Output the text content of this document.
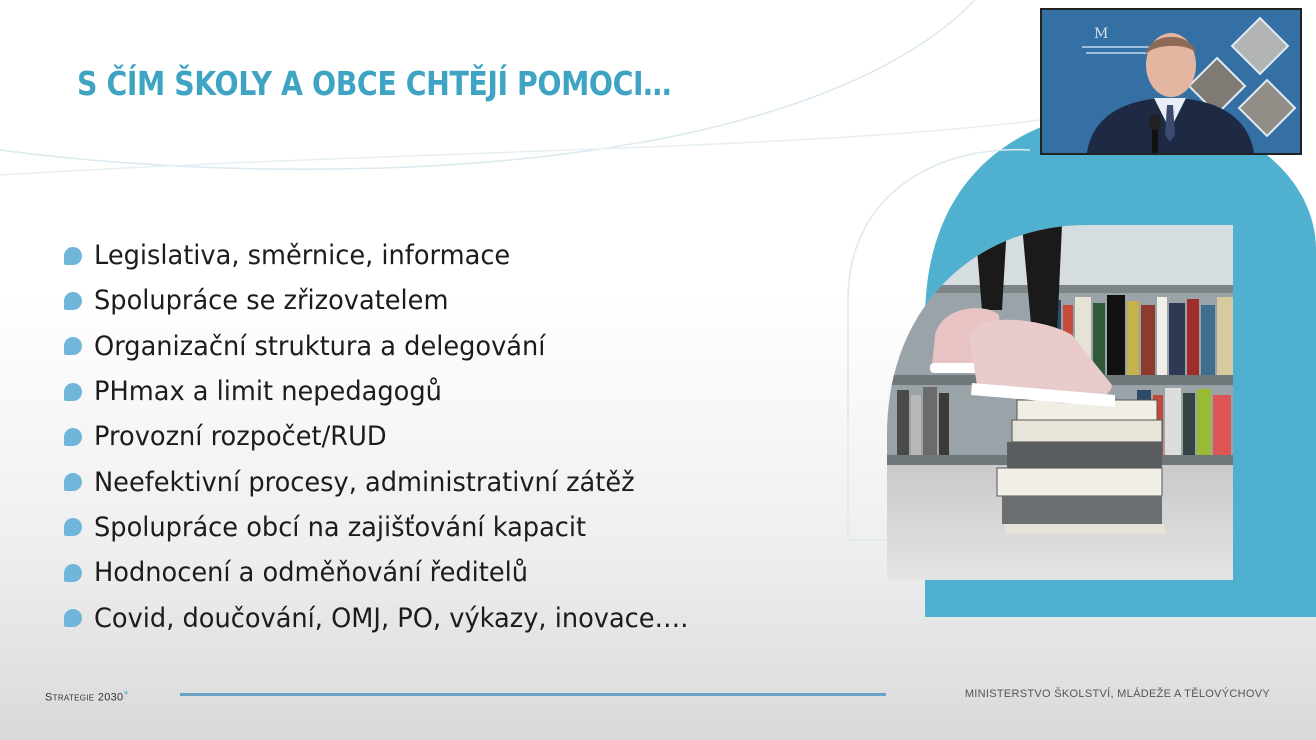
S ČÍM ŠKOLY A OBCE CHTĚJÍ POMOCI…
Legislativa, směrnice, informace
Spolupráce se zřizovatelem
Organizační struktura a delegování
PHmax a limit nepedagogů
Provozní rozpočet/RUD
Neefektivní procesy, administrativní zátěž
Spolupráce obcí na zajišťování kapacit
Hodnocení a odměňování ředitelů
Covid, doučování, OMJ, PO, výkazy, inovace….
M
Strategie 2030+	MINISTERSTVO ŠKOLSTVÍ, MLÁDEŽE A TĚLOVÝCHOVY
